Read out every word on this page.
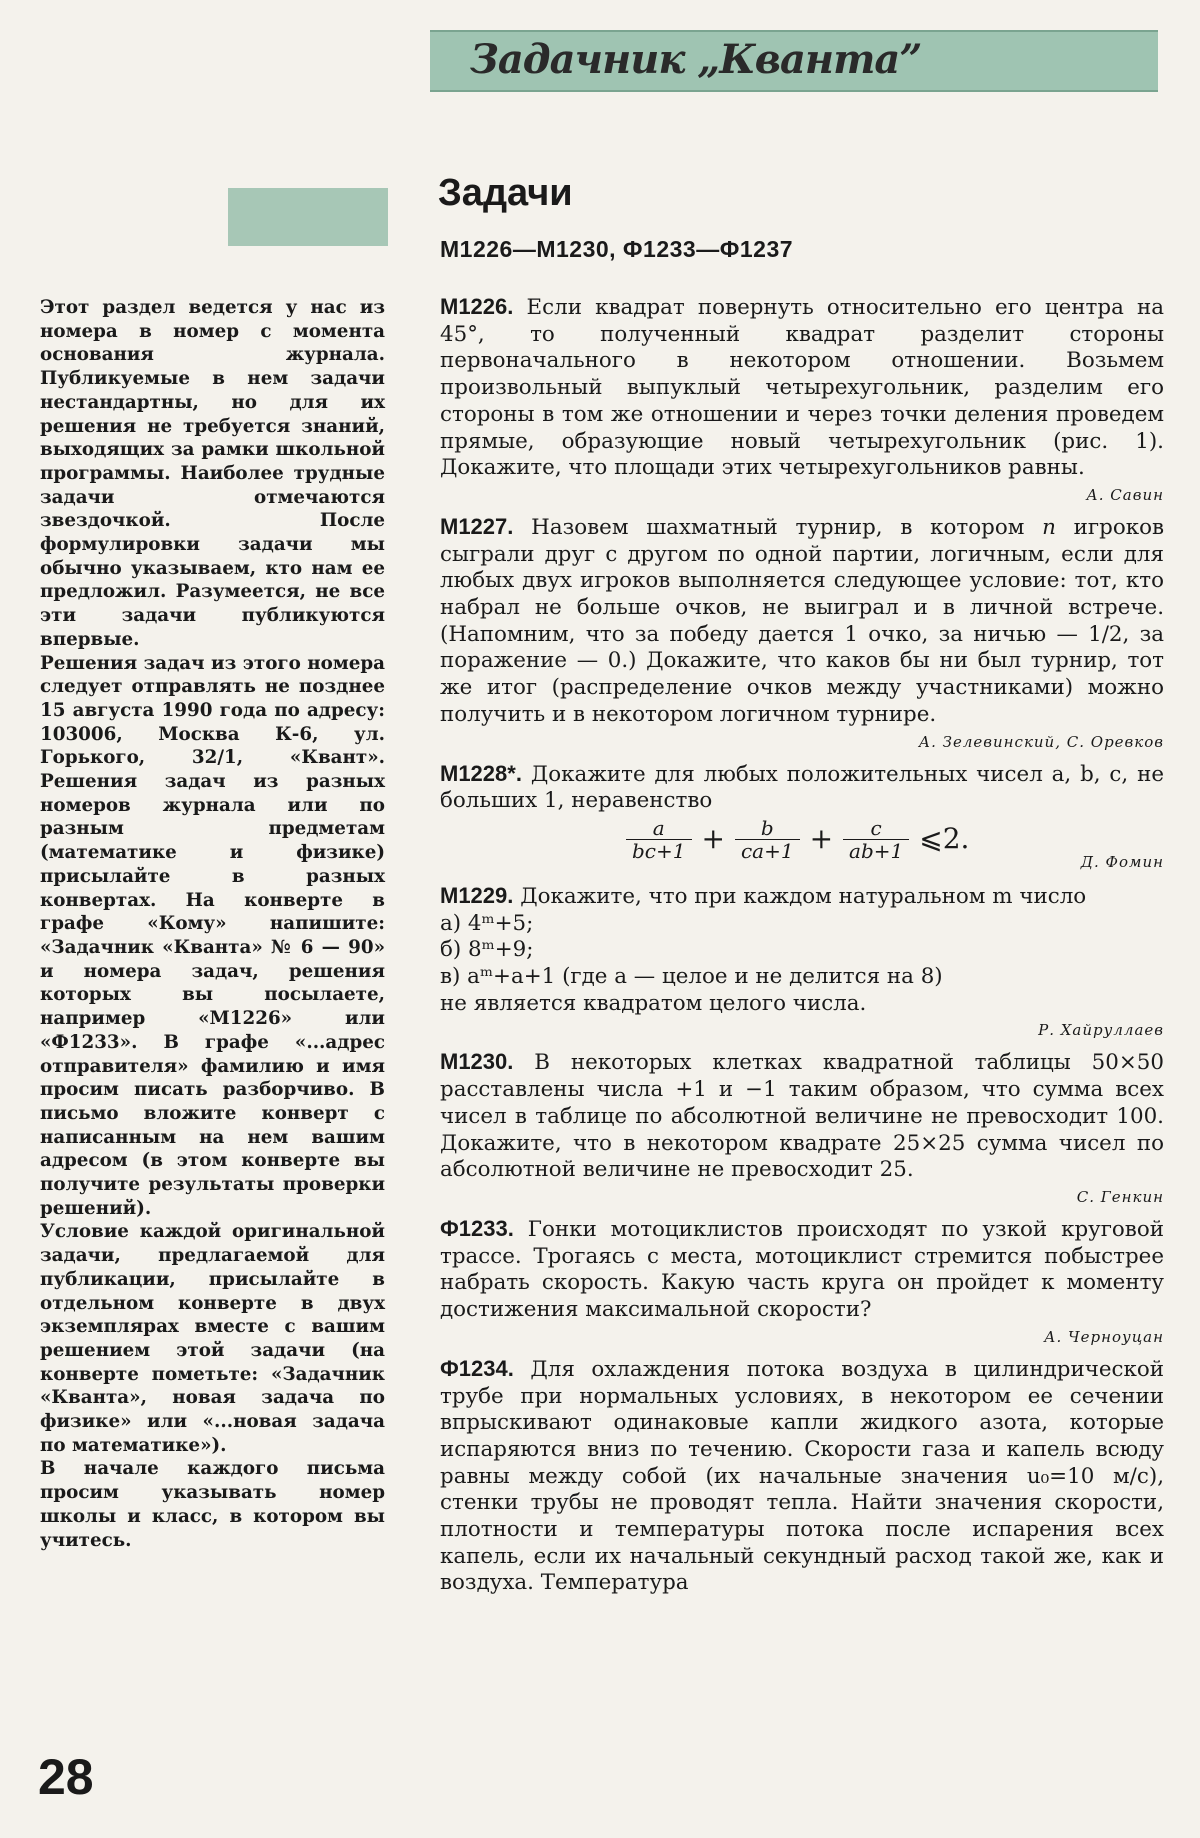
Задачник „Кванта”

Этот раздел ведется у нас из номера в номер с момента основания журнала. Публикуемые в нем задачи нестандартны, но для их решения не требуется знаний, выходящих за рамки школьной программы. Наиболее трудные задачи отмечаются звездочкой. После формулировки задачи мы обычно указываем, кто нам ее предложил. Разумеется, не все эти задачи публикуются впервые.

Решения задач из этого номера следует отправлять не позднее 15 августа 1990 года по адресу: 103006, Москва К-6, ул. Горького, 32/1, «Квант». Решения задач из разных номеров журнала или по разным предметам (математике и физике) присылайте в разных конвертах. На конверте в графе «Кому» напишите: «Задачник «Кванта» № 6 — 90» и номера задач, решения которых вы посылаете, например «М1226» или «Ф1233». В графе «...адрес отправителя» фамилию и имя просим писать разборчиво. В письмо вложите конверт с написанным на нем вашим адресом (в этом конверте вы получите результаты проверки решений).

Условие каждой оригинальной задачи, предлагаемой для публикации, присылайте в отдельном конверте в двух экземплярах вместе с вашим решением этой задачи (на конверте пометьте: «Задачник «Кванта», новая задача по физике» или «...новая задача по математике»).

В начале каждого письма просим указывать номер школы и класс, в котором вы учитесь.

Задачи
М1226—М1230, Ф1233—Ф1237

М1226. Если квадрат повернуть относительно его центра на 45°, то полученный квадрат разделит стороны первоначального в некотором отношении. Возьмем произвольный выпуклый четырехугольник, разделим его стороны в том же отношении и через точки деления проведем прямые, образующие новый четырехугольник (рис. 1). Докажите, что площади этих четырехугольников равны.

А. Савин

М1227. Назовем шахматный турнир, в котором n игроков сыграли друг с другом по одной партии, логичным, если для любых двух игроков выполняется следующее условие: тот, кто набрал не больше очков, не выиграл и в личной встрече. (Напомним, что за победу дается 1 очко, за ничью — 1/2, за поражение — 0.) Докажите, что каков бы ни был турнир, тот же итог (распределение очков между участниками) можно получить и в некотором логичном турнире.

А. Зелевинский, С. Оревков

М1228*. Докажите для любых положительных чисел a, b, c, не больших 1, неравенство

$\frac{a}{bc+1} + \frac{b}{ca+1} + \frac{c}{ab+1}$ ⩽2.
Д. Фомин

М1229. Докажите, что при каждом натуральном m число

а) 4ᵐ+5;

б) 8ᵐ+9;

в) aᵐ+a+1 (где a — целое и не делится на 8)

не является квадратом целого числа.

Р. Хайруллаев

М1230. В некоторых клетках квадратной таблицы 50×50 расставлены числа +1 и −1 таким образом, что сумма всех чисел в таблице по абсолютной величине не превосходит 100. Докажите, что в некотором квадрате 25×25 сумма чисел по абсолютной величине не превосходит 25.

С. Генкин

Ф1233. Гонки мотоциклистов происходят по узкой круговой трассе. Трогаясь с места, мотоциклист стремится побыстрее набрать скорость. Какую часть круга он пройдет к моменту достижения максимальной скорости?

А. Черноуцан

Ф1234. Для охлаждения потока воздуха в цилиндрической трубе при нормальных условиях, в некотором ее сечении впрыскивают одинаковые капли жидкого азота, которые испаряются вниз по течению. Скорости газа и капель всюду равны между собой (их начальные значения u₀=10 м/с), стенки трубы не проводят тепла. Найти значения скорости, плотности и температуры потока после испарения всех капель, если их начальный секундный расход такой же, как и воздуха. Температура

28
